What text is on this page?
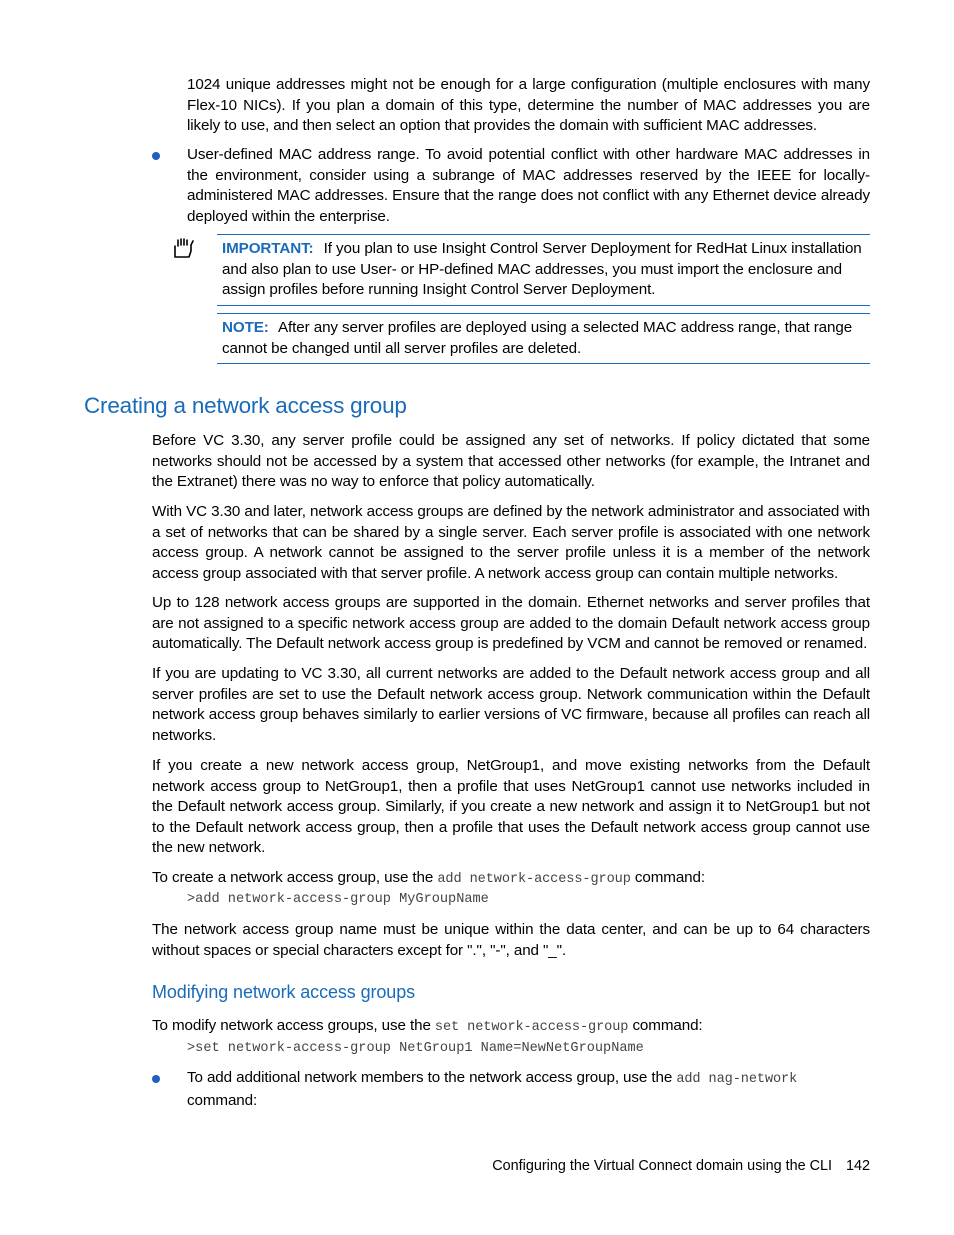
1024 unique addresses might not be enough for a large configuration (multiple enclosures with many Flex-10 NICs). If you plan a domain of this type, determine the number of MAC addresses you are likely to use, and then select an option that provides the domain with sufficient MAC addresses.

User-defined MAC address range. To avoid potential conflict with other hardware MAC addresses in the environment, consider using a subrange of MAC addresses reserved by the IEEE for locally-administered MAC addresses. Ensure that the range does not conflict with any Ethernet device already deployed within the enterprise.

IMPORTANT: If you plan to use Insight Control Server Deployment for RedHat Linux installation and also plan to use User- or HP-defined MAC addresses, you must import the enclosure and assign profiles before running Insight Control Server Deployment.
NOTE: After any server profiles are deployed using a selected MAC address range, that range cannot be changed until all server profiles are deleted.
Creating a network access group

Before VC 3.30, any server profile could be assigned any set of networks. If policy dictated that some networks should not be accessed by a system that accessed other networks (for example, the Intranet and the Extranet) there was no way to enforce that policy automatically.

With VC 3.30 and later, network access groups are defined by the network administrator and associated with a set of networks that can be shared by a single server. Each server profile is associated with one network access group. A network cannot be assigned to the server profile unless it is a member of the network access group associated with that server profile. A network access group can contain multiple networks.

Up to 128 network access groups are supported in the domain. Ethernet networks and server profiles that are not assigned to a specific network access group are added to the domain Default network access group automatically. The Default network access group is predefined by VCM and cannot be removed or renamed.

If you are updating to VC 3.30, all current networks are added to the Default network access group and all server profiles are set to use the Default network access group. Network communication within the Default network access group behaves similarly to earlier versions of VC firmware, because all profiles can reach all networks.

If you create a new network access group, NetGroup1, and move existing networks from the Default network access group to NetGroup1, then a profile that uses NetGroup1 cannot use networks included in the Default network access group. Similarly, if you create a new network and assign it to NetGroup1 but not to the Default network access group, then a profile that uses the Default network access group cannot use the new network.

To create a network access group, use the add network-access-group command:

>add network-access-group MyGroupName

The network access group name must be unique within the data center, and can be up to 64 characters without spaces or special characters except for ".", "-", and "_".

Modifying network access groups

To modify network access groups, use the set network-access-group command:

>set network-access-group NetGroup1 Name=NewNetGroupName

To add additional network members to the network access group, use the add nag-network
command:

Configuring the Virtual Connect domain using the CLI 142
